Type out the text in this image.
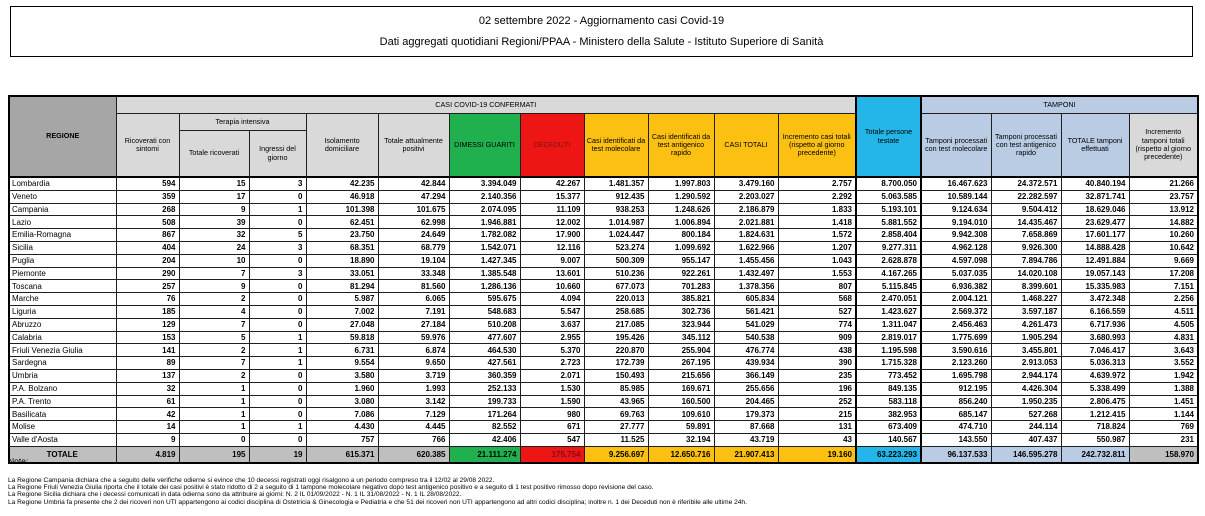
02 settembre 2022 - Aggiornamento casi Covid-19
Dati aggregati quotidiani Regioni/PPAA - Ministero della Salute - Istituto Superiore di Sanità
REGIONE	CASI COVID-19 CONFERMATI											Totale persone testate	TAMPONI			
	Ricoverati con sintomi	Terapia intensiva		Isolamento domiciliare	Totale attualmente positivi	DIMESSI GUARITI	DECEDUTI	Casi identificati da test molecolare	Casi identificati da test antigenico rapido	CASI TOTALI	Incremento casi totali (rispetto al giorno precedente)		Tamponi processati con test molecolare	Tamponi processati con test antigenico rapido	TOTALE tamponi effettuati	Incremento tamponi totali (rispetto al giorno precedente)
		Totale ricoverati	Ingressi del giorno													
Lombardia	594	15	3	42.235	42.844	3.394.049	42.267	1.481.357	1.997.803	3.479.160	2.757	8.700.050	16.467.623	24.372.571	40.840.194	21.266
Veneto	359	17	0	46.918	47.294	2.140.356	15.377	912.435	1.290.592	2.203.027	2.292	5.063.585	10.589.144	22.282.597	32.871.741	23.757
Campania	268	9	1	101.398	101.675	2.074.095	11.109	938.253	1.248.626	2.186.879	1.833	5.193.101	9.124.634	9.504.412	18.629.046	13.912
Lazio	508	39	0	62.451	62.998	1.946.881	12.002	1.014.987	1.006.894	2.021.881	1.418	5.881.552	9.194.010	14.435.467	23.629.477	14.882
Emilia-Romagna	867	32	5	23.750	24.649	1.782.082	17.900	1.024.447	800.184	1.824.631	1.572	2.858.404	9.942.308	7.658.869	17.601.177	10.260
Sicilia	404	24	3	68.351	68.779	1.542.071	12.116	523.274	1.099.692	1.622.966	1.207	9.277.311	4.962.128	9.926.300	14.888.428	10.642
Puglia	204	10	0	18.890	19.104	1.427.345	9.007	500.309	955.147	1.455.456	1.043	2.628.878	4.597.098	7.894.786	12.491.884	9.669
Piemonte	290	7	3	33.051	33.348	1.385.548	13.601	510.236	922.261	1.432.497	1.553	4.167.265	5.037.035	14.020.108	19.057.143	17.208
Toscana	257	9	0	81.294	81.560	1.286.136	10.660	677.073	701.283	1.378.356	807	5.115.845	6.936.382	8.399.601	15.335.983	7.151
Marche	76	2	0	5.987	6.065	595.675	4.094	220.013	385.821	605.834	568	2.470.051	2.004.121	1.468.227	3.472.348	2.256
Liguria	185	4	0	7.002	7.191	548.683	5.547	258.685	302.736	561.421	527	1.423.627	2.569.372	3.597.187	6.166.559	4.511
Abruzzo	129	7	0	27.048	27.184	510.208	3.637	217.085	323.944	541.029	774	1.311.047	2.456.463	4.261.473	6.717.936	4.505
Calabria	153	5	1	59.818	59.976	477.607	2.955	195.426	345.112	540.538	909	2.819.017	1.775.699	1.905.294	3.680.993	4.831
Friuli Venezia Giulia	141	2	1	6.731	6.874	464.530	5.370	220.870	255.904	476.774	438	1.195.598	3.590.616	3.455.801	7.046.417	3.643
Sardegna	89	7	1	9.554	9.650	427.561	2.723	172.739	267.195	439.934	390	1.715.328	2.123.260	2.913.053	5.036.313	3.552
Umbria	137	2	0	3.580	3.719	360.359	2.071	150.493	215.656	366.149	235	773.452	1.695.798	2.944.174	4.639.972	1.942
P.A. Bolzano	32	1	0	1.960	1.993	252.133	1.530	85.985	169.671	255.656	196	849.135	912.195	4.426.304	5.338.499	1.388
P.A. Trento	61	1	0	3.080	3.142	199.733	1.590	43.965	160.500	204.465	252	583.118	856.240	1.950.235	2.806.475	1.451
Basilicata	42	1	0	7.086	7.129	171.264	980	69.763	109.610	179.373	215	382.953	685.147	527.268	1.212.415	1.144
Molise	14	1	1	4.430	4.445	82.552	671	27.777	59.891	87.668	131	673.409	474.710	244.114	718.824	769
Valle d'Aosta	9	0	0	757	766	42.406	547	11.525	32.194	43.719	43	140.567	143.550	407.437	550.987	231
TOTALE	4.819	195	19	615.371	620.385	21.111.274	175.754	9.256.697	12.650.716	21.907.413	19.160	63.223.293	96.137.533	146.595.278	242.732.811	158.970
Note:
La Regione Campania dichiara che a seguito delle verifiche odierne si evince che 10 decessi registrati oggi risalgono a un periodo compreso tra il 12/02 al 29/08 2022.
La Regione Friuli Venezia Giulia riporta che il totale dei casi positivi è stato ridotto di 2 a seguito di 1 tampone molecolare negativo dopo test antigenico positivo e a seguito di 1 test positivo rimosso dopo revisione del caso.
La Regione Sicilia dichiara che i decessi comunicati in data odierna sono da attribuire ai giorni: N. 2 IL 01/09/2022 - N. 1 IL 31/08/2022 - N. 1 IL 28/08/2022.
La Regione Umbria fa presente che 2 dei ricoveri non UTI appartengono ai codici disciplina di Ostetricia & Ginecologia e Pediatria e che 51 dei ricoveri non UTI appartengono ad altri codici disciplina; inoltre n. 1 dei Deceduti non è riferibile alle ultime 24h.
